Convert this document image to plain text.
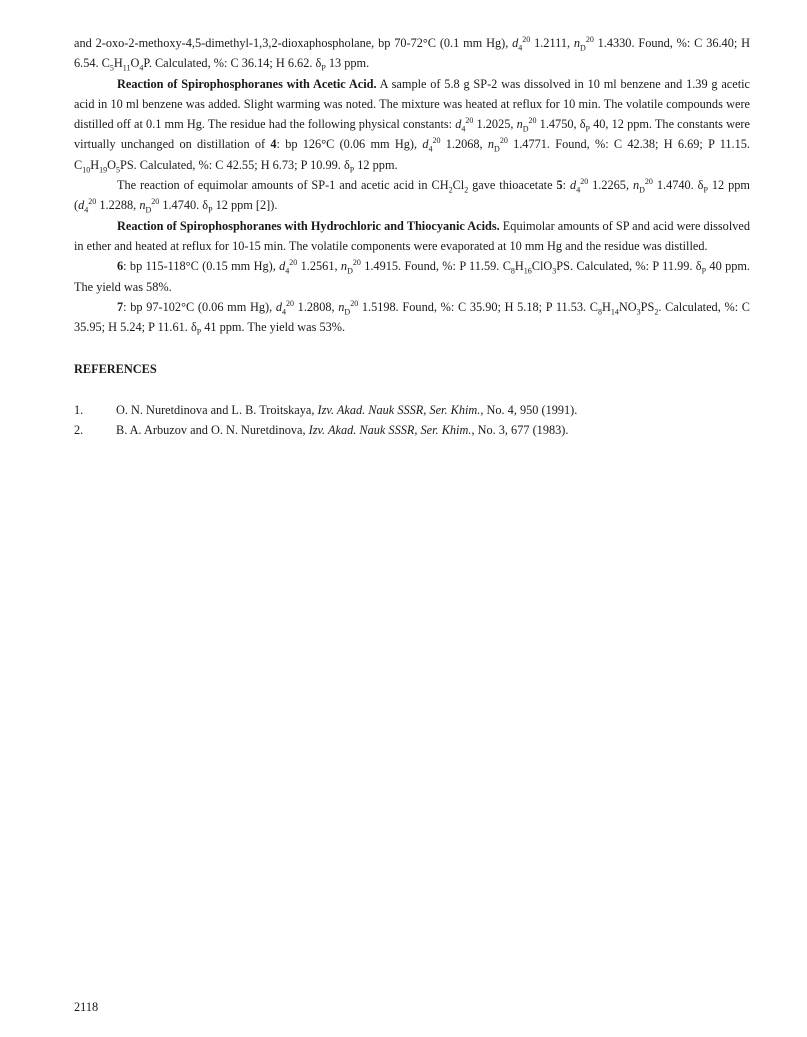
and 2-oxo-2-methoxy-4,5-dimethyl-1,3,2-dioxaphospholane, bp 70-72°C (0.1 mm Hg), $d_4^{20}$ 1.2111, $n_D^{20}$ 1.4330. Found, %: C 36.40; H 6.54. $C_5H_{11}O_4P$. Calculated, %: C 36.14; H 6.62. $\delta_P$ 13 ppm.

Reaction of Spirophosphoranes with Acetic Acid. A sample of 5.8 g SP-2 was dissolved in 10 ml benzene and 1.39 g acetic acid in 10 ml benzene was added. Slight warming was noted. The mixture was heated at reflux for 10 min. The volatile compounds were distilled off at 0.1 mm Hg. The residue had the following physical constants: $d_4^{20}$ 1.2025, $n_D^{20}$ 1.4750, $\delta_P$ 40, 12 ppm. The constants were virtually unchanged on distillation of 4: bp 126°C (0.06 mm Hg), $d_4^{20}$ 1.2068, $n_D^{20}$ 1.4771. Found, %: C 42.38; H 6.69; P 11.15. $C_{10}H_{19}O_5PS$. Calculated, %: C 42.55; H 6.73; P 10.99. $\delta_P$ 12 ppm.

The reaction of equimolar amounts of SP-1 and acetic acid in $CH_2Cl_2$ gave thioacetate 5: $d_4^{20}$ 1.2265, $n_D^{20}$ 1.4740. $\delta_P$ 12 ppm ($d_4^{20}$ 1.2288, $n_D^{20}$ 1.4740. $\delta_P$ 12 ppm [2]).

Reaction of Spirophosphoranes with Hydrochloric and Thiocyanic Acids. Equimolar amounts of SP and acid were dissolved in ether and heated at reflux for 10-15 min. The volatile components were evaporated at 10 mm Hg and the residue was distilled.

6: bp 115-118°C (0.15 mm Hg), $d_4^{20}$ 1.2561, $n_D^{20}$ 1.4915. Found, %: P 11.59. $C_8H_{16}ClO_3PS$. Calculated, %: P 11.99. $\delta_P$ 40 ppm. The yield was 58%.

7: bp 97-102°C (0.06 mm Hg), $d_4^{20}$ 1.2808, $n_D^{20}$ 1.5198. Found, %: C 35.90; H 5.18; P 11.53. $C_8H_{14}NO_3PS_2$. Calculated, %: C 35.95; H 5.24; P 11.61. $\delta_P$ 41 ppm. The yield was 53%.

REFERENCES
1.	O. N. Nuretdinova and L. B. Troitskaya, Izv. Akad. Nauk SSSR, Ser. Khim., No. 4, 950 (1991).
2.	B. A. Arbuzov and O. N. Nuretdinova, Izv. Akad. Nauk SSSR, Ser. Khim., No. 3, 677 (1983).

2118
